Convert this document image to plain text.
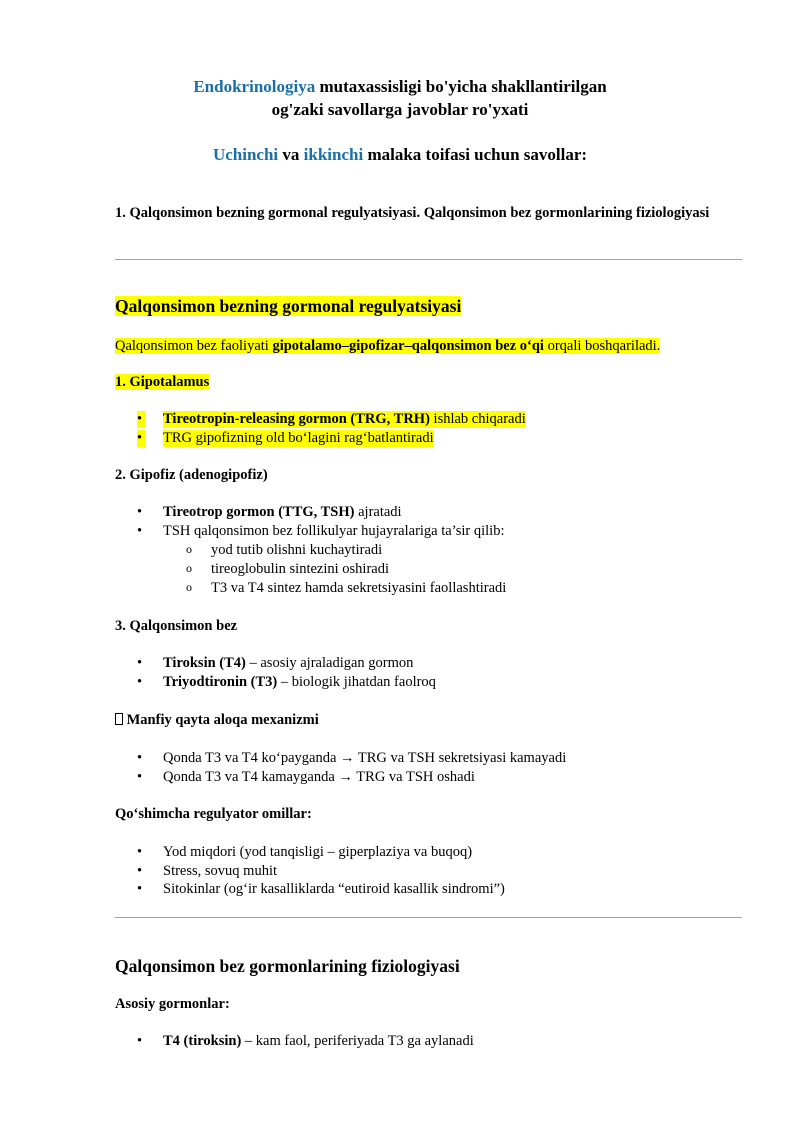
Endokrinologiya mutaxassisligi bo'yicha shakllantirilgan
og'zaki savollarga javoblar ro'yxati
Uchinchi va ikkinchi malaka toifasi uchun savollar:
1. Qalqonsimon bezning gormonal regulyatsiyasi. Qalqonsimon bez gormonlarining fiziologiyasi
Qalqonsimon bezning gormonal regulyatsiyasi
Qalqonsimon bez faoliyati gipotalamo–gipofizar–qalqonsimon bez o‘qi orqali boshqariladi.
1. Gipotalamus
• Tireotropin-releasing gormon (TRG, TRH) ishlab chiqaradi
• TRG gipofizning old bo‘lagini rag‘batlantiradi
2. Gipofiz (adenogipofiz)
• Tireotrop gormon (TTG, TSH) ajratadi
• TSH qalqonsimon bez follikulyar hujayralariga ta’sir qilib:
o yod tutib olishni kuchaytiradi
o tireoglobulin sintezini oshiradi
o T3 va T4 sintez hamda sekretsiyasini faollashtiradi
3. Qalqonsimon bez
• Tiroksin (T4) – asosiy ajraladigan gormon
• Triyodtironin (T3) – biologik jihatdan faolroq
Manfiy qayta aloqa mexanizmi
• Qonda T3 va T4 ko‘payganda → TRG va TSH sekretsiyasi kamayadi
• Qonda T3 va T4 kamayganda → TRG va TSH oshadi
Qo‘shimcha regulyator omillar:
• Yod miqdori (yod tanqisligi – giperplaziya va buqoq)
• Stress, sovuq muhit
• Sitokinlar (og‘ir kasalliklarda “eutiroid kasallik sindromi”)
Qalqonsimon bez gormonlarining fiziologiyasi
Asosiy gormonlar:
• T4 (tiroksin) – kam faol, periferiyada T3 ga aylanadi
